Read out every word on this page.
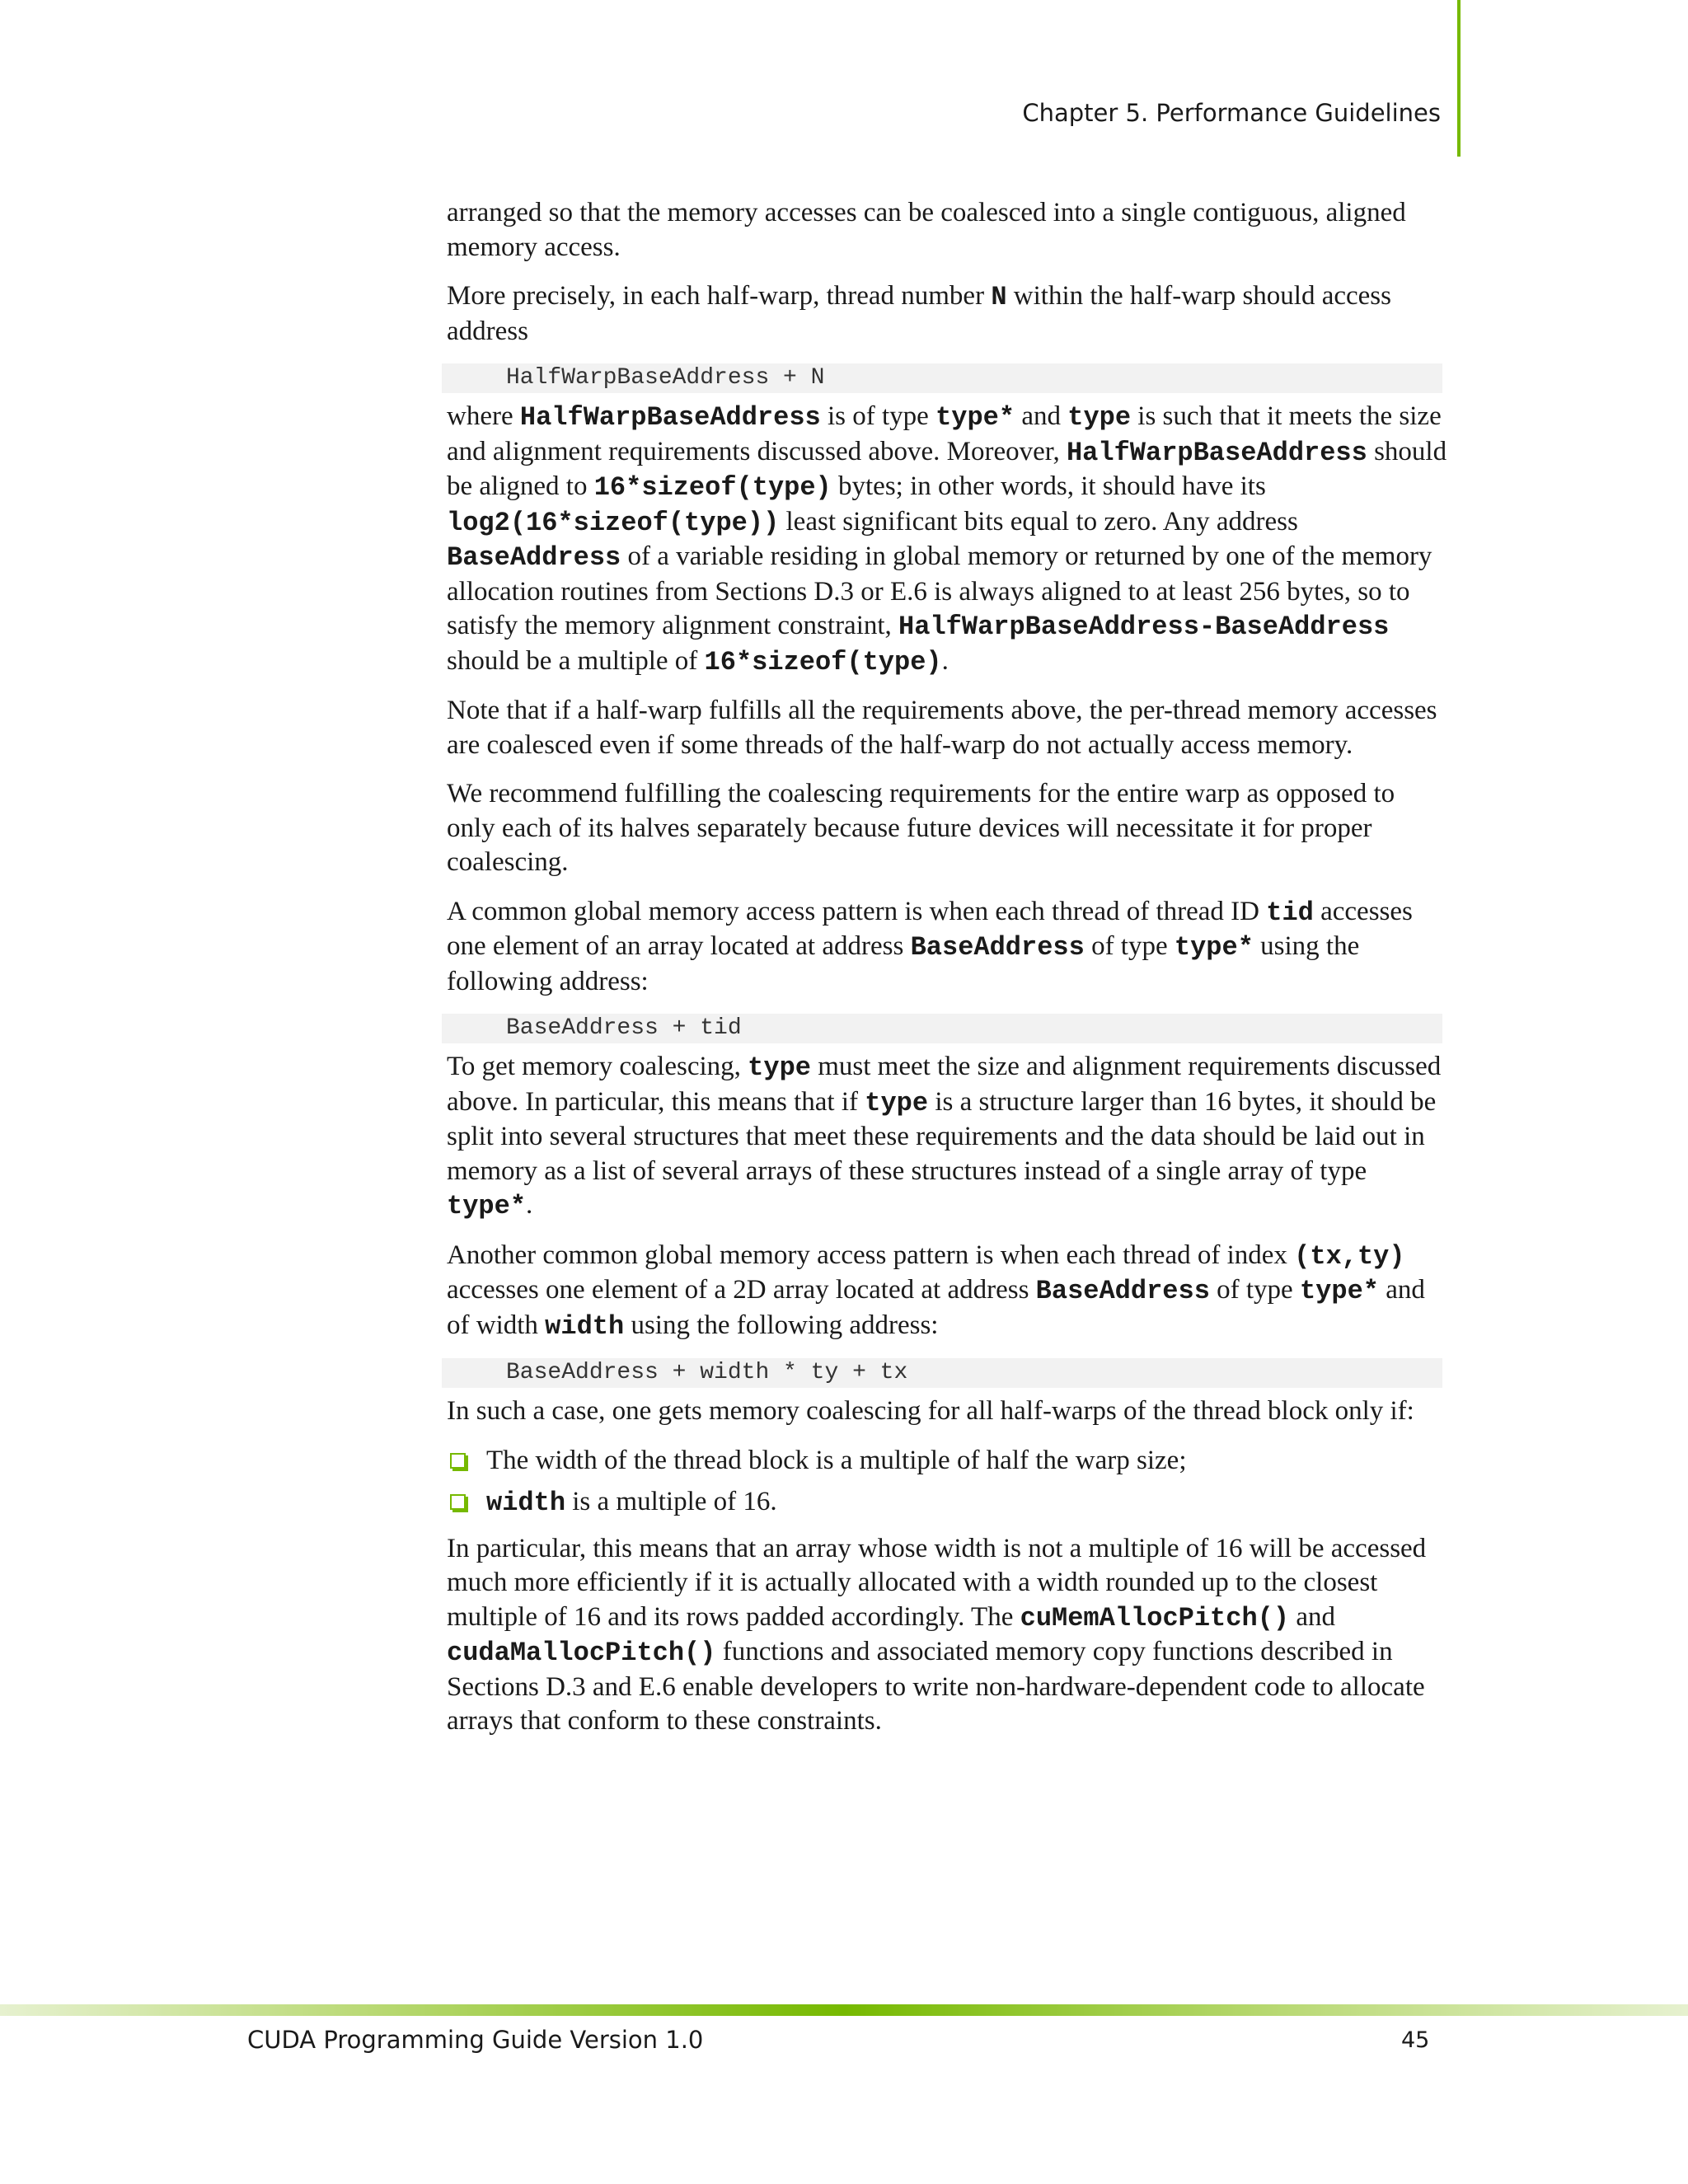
Chapter 5. Performance Guidelines

arranged so that the memory accesses can be coalesced into a single contiguous, aligned memory access.

More precisely, in each half-warp, thread number N within the half-warp should access address

HalfWarpBaseAddress + N

where HalfWarpBaseAddress is of type type* and type is such that it meets the size and alignment requirements discussed above. Moreover, HalfWarpBaseAddress should be aligned to 16*sizeof(type) bytes; in other words, it should have its log2(16*sizeof(type)) least significant bits equal to zero. Any address BaseAddress of a variable residing in global memory or returned by one of the memory allocation routines from Sections D.3 or E.6 is always aligned to at least 256 bytes, so to satisfy the memory alignment constraint, HalfWarpBaseAddress-BaseAddress should be a multiple of 16*sizeof(type).

Note that if a half-warp fulfills all the requirements above, the per-thread memory accesses are coalesced even if some threads of the half-warp do not actually access memory.

We recommend fulfilling the coalescing requirements for the entire warp as opposed to only each of its halves separately because future devices will necessitate it for proper coalescing.

A common global memory access pattern is when each thread of thread ID tid accesses one element of an array located at address BaseAddress of type type* using the following address:

BaseAddress + tid

To get memory coalescing, type must meet the size and alignment requirements discussed above. In particular, this means that if type is a structure larger than 16 bytes, it should be split into several structures that meet these requirements and the data should be laid out in memory as a list of several arrays of these structures instead of a single array of type type*.

Another common global memory access pattern is when each thread of index (tx,ty) accesses one element of a 2D array located at address BaseAddress of type type* and of width width using the following address:

BaseAddress + width * ty + tx

In such a case, one gets memory coalescing for all half-warps of the thread block only if:

The width of the thread block is a multiple of half the warp size;
width is a multiple of 16.

In particular, this means that an array whose width is not a multiple of 16 will be accessed much more efficiently if it is actually allocated with a width rounded up to the closest multiple of 16 and its rows padded accordingly. The cuMemAllocPitch() and cudaMallocPitch() functions and associated memory copy functions described in Sections D.3 and E.6 enable developers to write non-hardware-dependent code to allocate arrays that conform to these constraints.

CUDA Programming Guide Version 1.0	45
